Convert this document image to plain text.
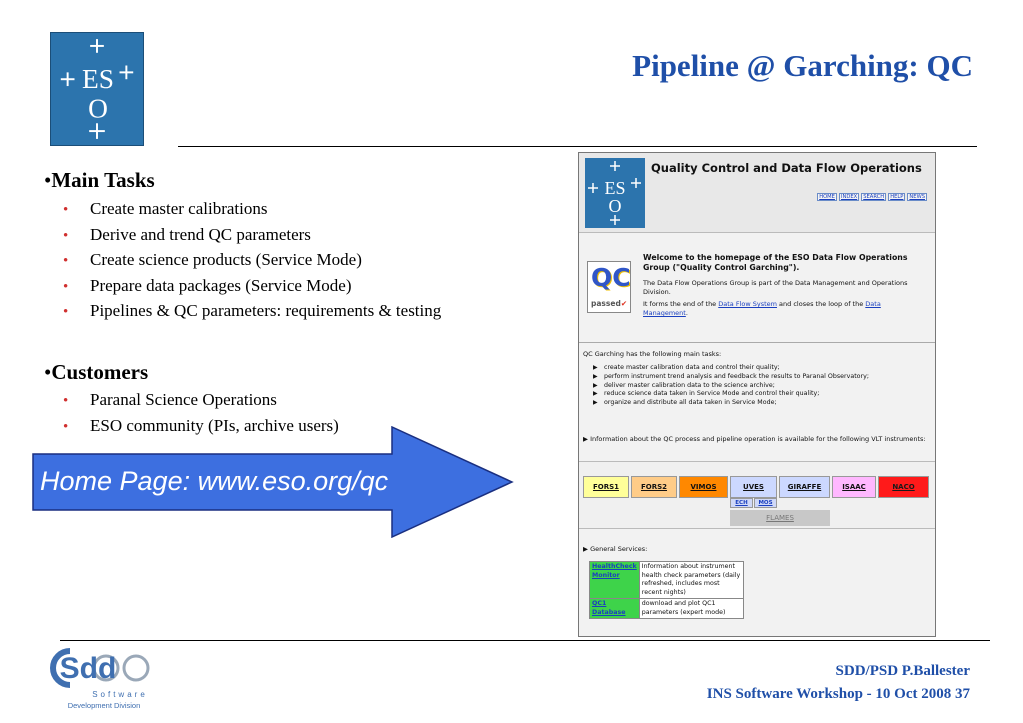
ES
O
Pipeline @ Garching: QC
•Main Tasks
• Create master calibrations
• Derive and trend QC parameters
• Create science products (Service Mode)
• Prepare data packages (Service Mode)
• Pipelines & QC parameters: requirements & testing
•Customers
• Paranal Science Operations
• ESO community (PIs, archive users)
Home Page: www.eso.org/qc
ES
O
Quality Control and Data Flow Operations
HOME	INDEX	SEARCH	HELP	NEWS
QC
passed✔
Welcome to the homepage of the ESO Data Flow Operations Group ("Quality Control Garching").
The Data Flow Operations Group is part of the Data Management and Operations Division.
It forms the end of the Data Flow System and closes the loop of the Data Management.
QC Garching has the following main tasks:
▶ create master calibration data and control their quality;
▶ perform instrument trend analysis and feedback the results to Paranal Observatory;
▶ deliver master calibration data to the science archive;
▶ reduce science data taken in Service Mode and control their quality;
▶ organize and distribute all data taken in Service Mode;
▶ Information about the QC process and pipeline operation is available for the following VLT instruments:
FORS1	FORS2	VIMOS	UVES	GIRAFFE	ISAAC	NACO
ECH	MOS
FLAMES
▶ General Services:
HealthCheck Monitor	Information about instrument health check parameters (daily refreshed, includes most recent nights)
QC1 Database	download and plot QC1 parameters (expert mode)
Sdd
Software
Development Division
SDD/PSD P.Ballester
INS Software Workshop - 10 Oct 2008 37
